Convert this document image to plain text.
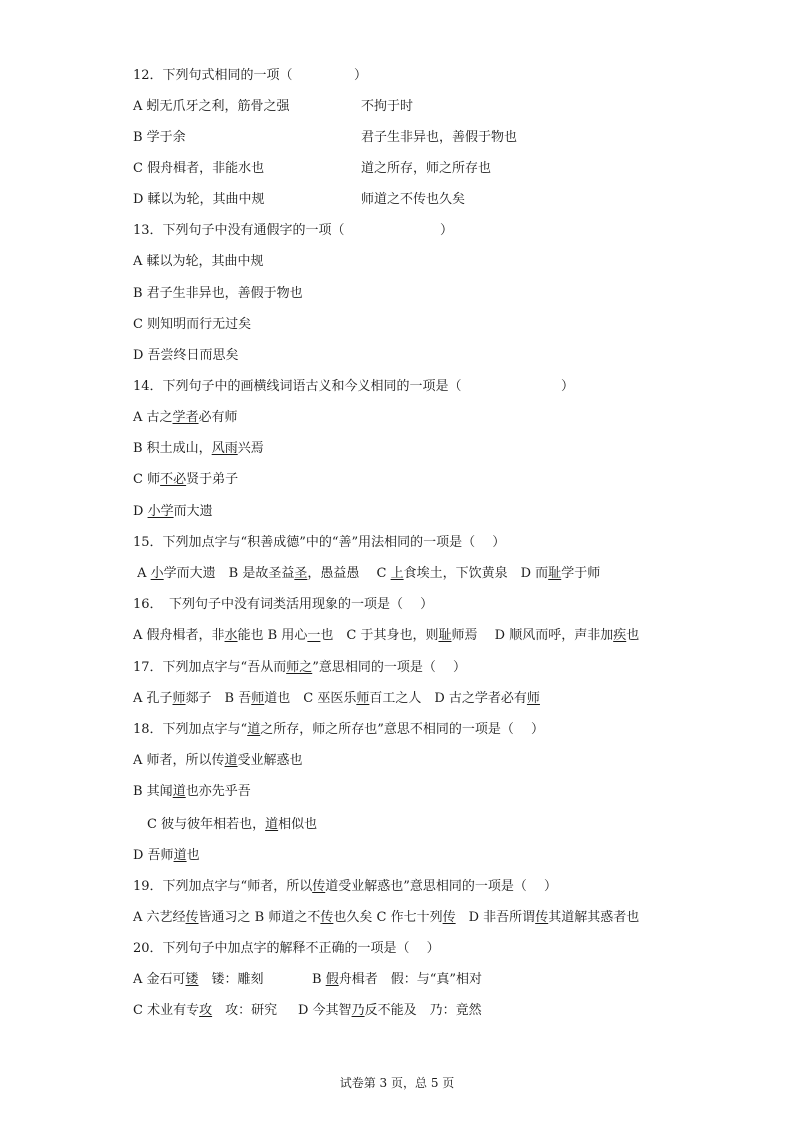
12．下列句式相同的一项（	）
A 蚓无爪牙之利，筋骨之强	不拘于时
B 学于余	君子生非异也，善假于物也
C 假舟楫者，非能水也	道之所存，师之所存也
D 輮以为轮，其曲中规	师道之不传也久矣
13．下列句子中没有通假字的一项（	）
A 輮以为轮，其曲中规
B 君子生非异也，善假于物也
C 则知明而行无过矣
D 吾尝终日而思矣
14．下列句子中的画横线词语古义和今义相同的一项是（	）
A 古之学者必有师
B 积土成山，风雨兴焉
C 师不必贤于弟子
D 小学而大遗
15．下列加点字与“积善成德”中的“善”用法相同的一项是（　 ）
A 小学而大遗　B 是故圣益圣，愚益愚　 C 上食埃土，下饮黄泉　D 而耻学于师
16．　下列句子中没有词类活用现象的一项是（　 ）
A 假舟楫者，非水能也 B 用心一也　C 于其身也，则耻师焉　 D 顺风而呼，声非加疾也
17．下列加点字与“吾从而师之”意思相同的一项是（　 ）
A 孔子师郯子　B 吾师道也　C 巫医乐师百工之人　D 古之学者必有师
18．下列加点字与“道之所存，师之所存也”意思不相同的一项是（　 ）
A 师者，所以传道受业解惑也
B 其闻道也亦先乎吾
C 彼与彼年相若也，道相似也
D 吾师道也
19．下列加点字与“师者，所以传道受业解惑也”意思相同的一项是（　 ）
A 六艺经传皆通习之 B 师道之不传也久矣 C 作七十列传　D 非吾所谓传其道解其惑者也
20．下列句子中加点字的解释不正确的一项是（　 ）
A 金石可镂　镂：雕刻	B 假舟楫者　假：与“真”相对
C 术业有专攻　攻：研究 D 今其智乃反不能及　乃：竟然
试卷第 3 页，总 5 页
